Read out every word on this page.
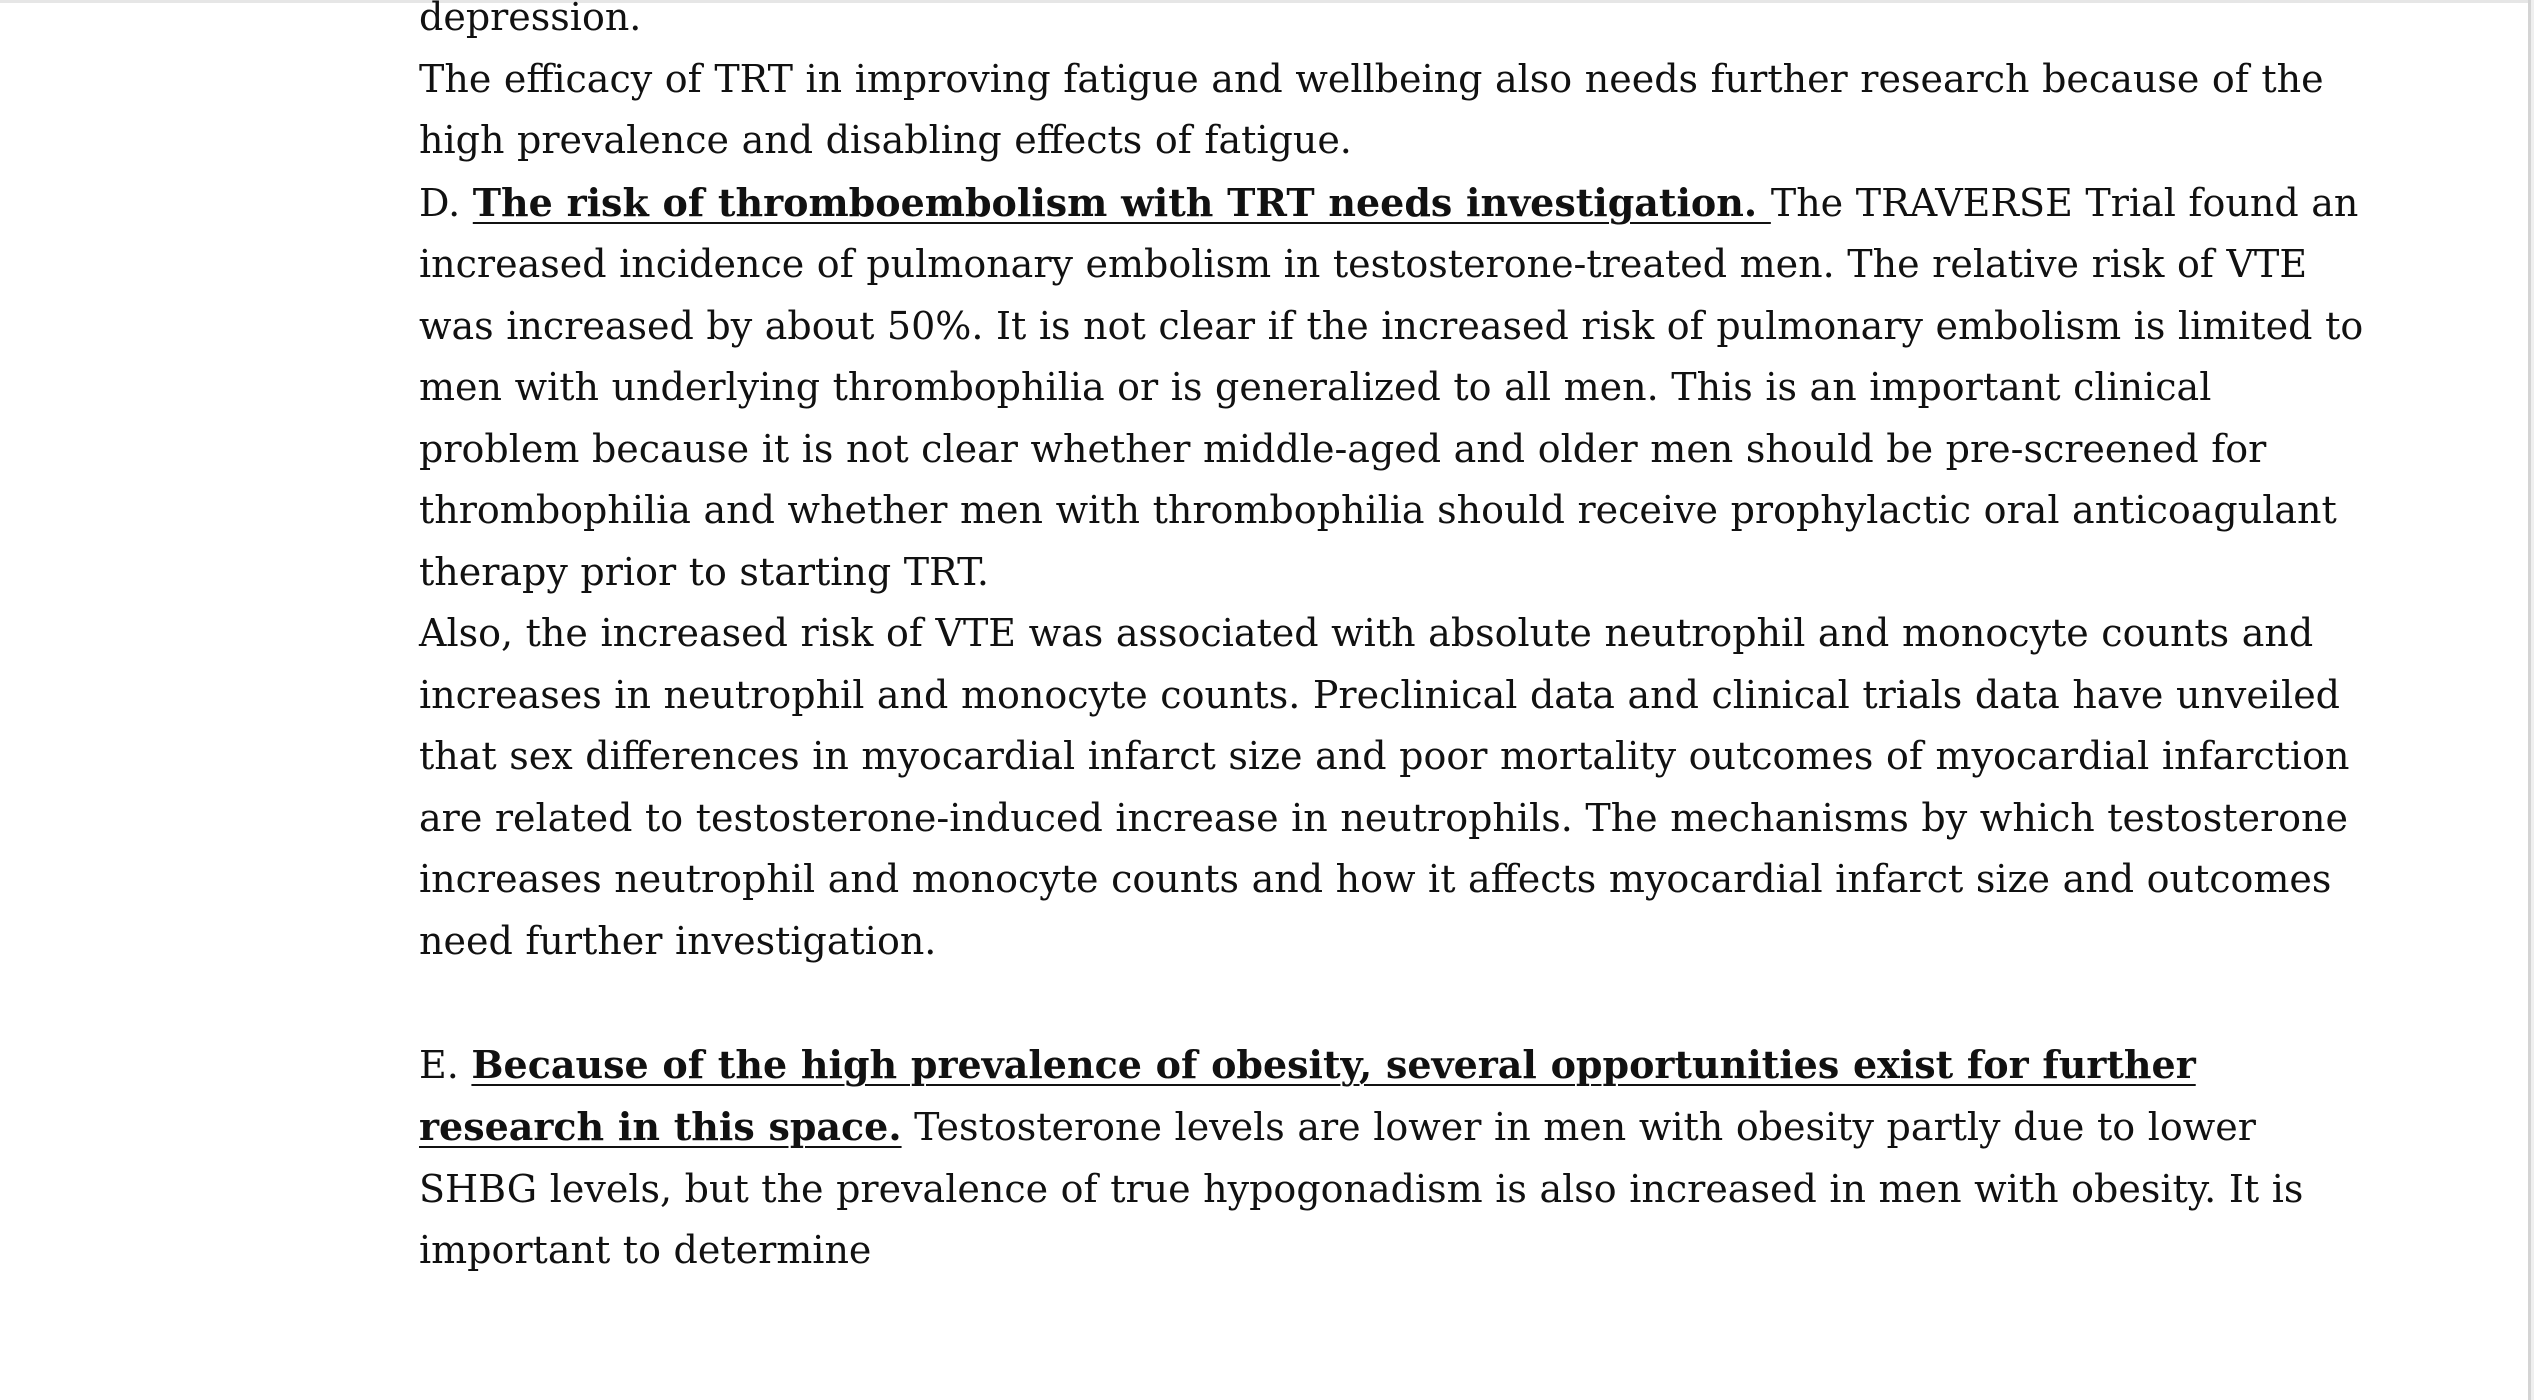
depression.

The efficacy of TRT in improving fatigue and wellbeing also needs further research because of the high prevalence and disabling effects of fatigue.

D. The risk of thromboembolism with TRT needs investigation. The TRAVERSE Trial found an increased incidence of pulmonary embolism in testosterone-treated men. The relative risk of VTE was increased by about 50%. It is not clear if the increased risk of pulmonary embolism is limited to men with underlying thrombophilia or is generalized to all men. This is an important clinical problem because it is not clear whether middle-aged and older men should be pre-screened for thrombophilia and whether men with thrombophilia should receive prophylactic oral anticoagulant therapy prior to starting TRT.

Also, the increased risk of VTE was associated with absolute neutrophil and monocyte counts and increases in neutrophil and monocyte counts. Preclinical data and clinical trials data have unveiled that sex differences in myocardial infarct size and poor mortality outcomes of myocardial infarction are related to testosterone-induced increase in neutrophils. The mechanisms by which testosterone increases neutrophil and monocyte counts and how it affects myocardial infarct size and outcomes need further investigation.

E. Because of the high prevalence of obesity, several opportunities exist for further research in this space. Testosterone levels are lower in men with obesity partly due to lower SHBG levels, but the prevalence of true hypogonadism is also increased in men with obesity. It is important to determine
